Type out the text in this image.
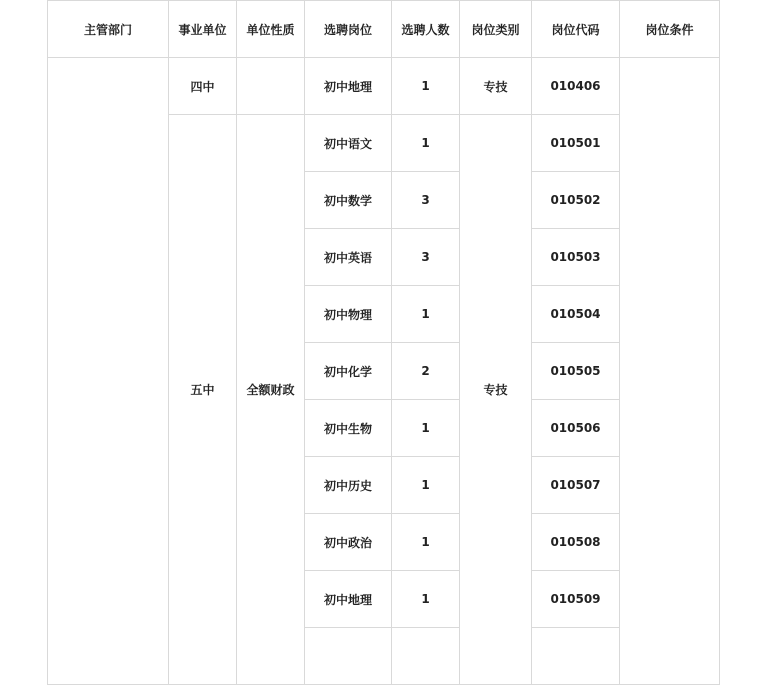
主管部门	事业单位	单位性质	选聘岗位	选聘人数	岗位类别	岗位代码	岗位条件
	四中		初中地理	1	专技	010406	
	五中	全额财政	初中语文	1	专技	010501	
			初中数学	3		010502	
			初中英语	3		010503	
			初中物理	1		010504	
			初中化学	2		010505	
			初中生物	1		010506	
			初中历史	1		010507	
			初中政治	1		010508	
			初中地理	1		010509	
